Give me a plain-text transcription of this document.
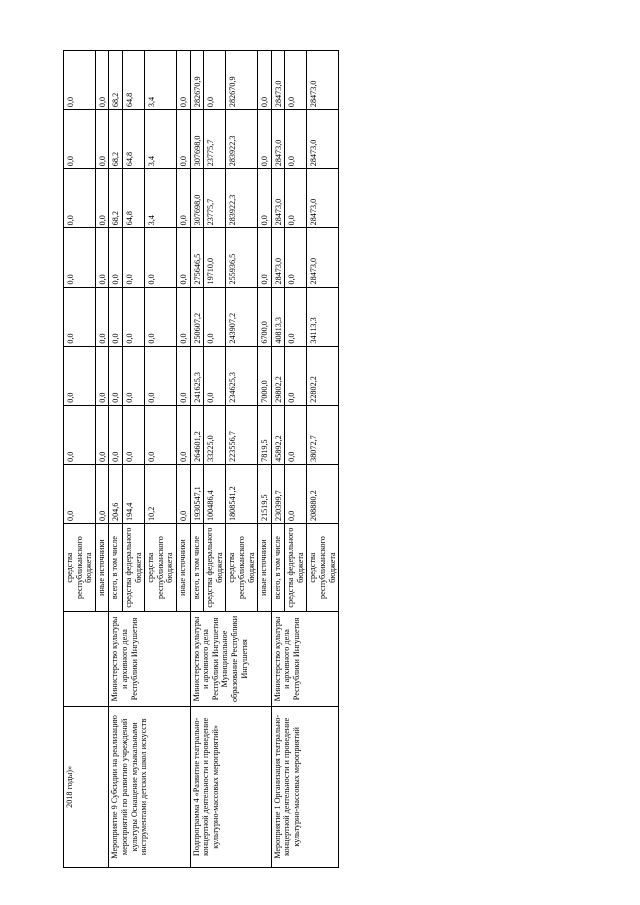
2018 годы)»		средства республиканского бюджета	0,0	0,0	0,0	0,0	0,0	0,0	0,0	0,0
		иные источники	0,0	0,0	0,0	0,0	0,0	0,0	0,0	0,0
Мероприятие 9 Субсидии на реализацию мероприятий по развитию учреждений культуры Оснащение музыкальными инструментами детских школ искусств	Министерство культуры и архивного дела Республики Ингушетия	всего, в том числе	204,6	0,0	0,0	0,0	0,0	68,2	68,2	68,2
		средства федерального бюджета	194,4	0,0	0,0	0,0	0,0	64,8	64,8	64,8
		средства республиканского бюджета	10,2	0,0	0,0	0,0	0,0	3,4	3,4	3,4
		иные источники	0,0	0,0	0,0	0,0	0,0	0,0	0,0	0,0
Подпрограмма 4 «Развитие театрально-концертной деятельности и проведение культурно-массовых мероприятий»	Министерство культуры и архивного дела Республики Ингушетия Муниципальное образование Республики Ингушетия	всего, в том числе	1930547,1	264601,2	241625,3	250607,2	275646,5	307698,0	307698,0	282670,9
		средства федерального бюджета	100486,4	33225,0	0,0	0,0	19710,0	23775,7	23775,7	0,0
		средства республиканского бюджета	1808541,2	223556,7	234625,3	243907,2	255936,5	283922,3	283922,3	282670,9
		иные источники	21519,5	7819,5	7000,0	6700,0	0,0	0,0	0,0	0,0
Мероприятие 1 Организация театрально-концертной деятельности и проведение культурно-массовых мероприятий	Министерство культуры и архивного дела Республики Ингушетия	всего, в том числе	230399,7	45892,2	29802,2	40813,3	28473,0	28473,0	28473,0	28473,0
		средства федерального бюджета	0,0	0,0	0,0	0,0	0,0	0,0	0,0	0,0
		средства республиканского бюджета	208880,2	38072,7	22802,2	34113,3	28473,0	28473,0	28473,0	28473,0
